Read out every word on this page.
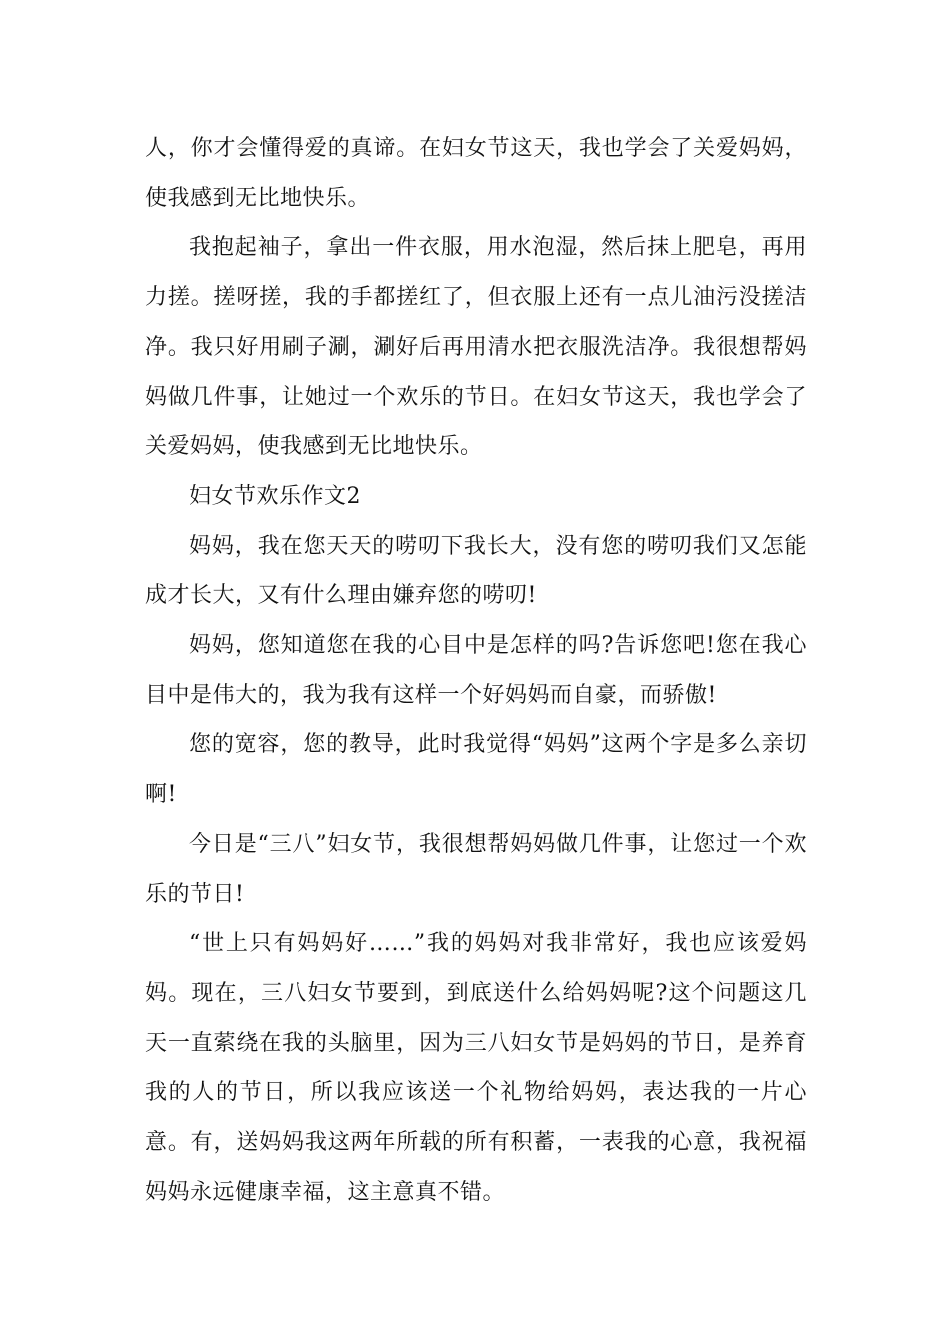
人，你才会懂得爱的真谛。在妇女节这天，我也学会了关爱妈妈，使我感到无比地快乐。

我抱起袖子，拿出一件衣服，用水泡湿，然后抹上肥皂，再用力搓。搓呀搓，我的手都搓红了，但衣服上还有一点儿油污没搓洁净。我只好用刷子涮，涮好后再用清水把衣服洗洁净。我很想帮妈妈做几件事，让她过一个欢乐的节日。在妇女节这天，我也学会了关爱妈妈，使我感到无比地快乐。

妇女节欢乐作文2

妈妈，我在您天天的唠叨下我长大，没有您的唠叨我们又怎能成才长大，又有什么理由嫌弃您的唠叨!

妈妈，您知道您在我的心目中是怎样的吗?告诉您吧!您在我心目中是伟大的，我为我有这样一个好妈妈而自豪，而骄傲!

您的宽容，您的教导，此时我觉得“妈妈”这两个字是多么亲切啊!

今日是“三八”妇女节，我很想帮妈妈做几件事，让您过一个欢乐的节日!

“世上只有妈妈好……”我的妈妈对我非常好，我也应该爱妈妈。现在，三八妇女节要到，到底送什么给妈妈呢?这个问题这几天一直萦绕在我的头脑里，因为三八妇女节是妈妈的节日，是养育我的人的节日，所以我应该送一个礼物给妈妈，表达我的一片心意。有，送妈妈我这两年所载的所有积蓄，一表我的心意，我祝福妈妈永远健康幸福，这主意真不错。
